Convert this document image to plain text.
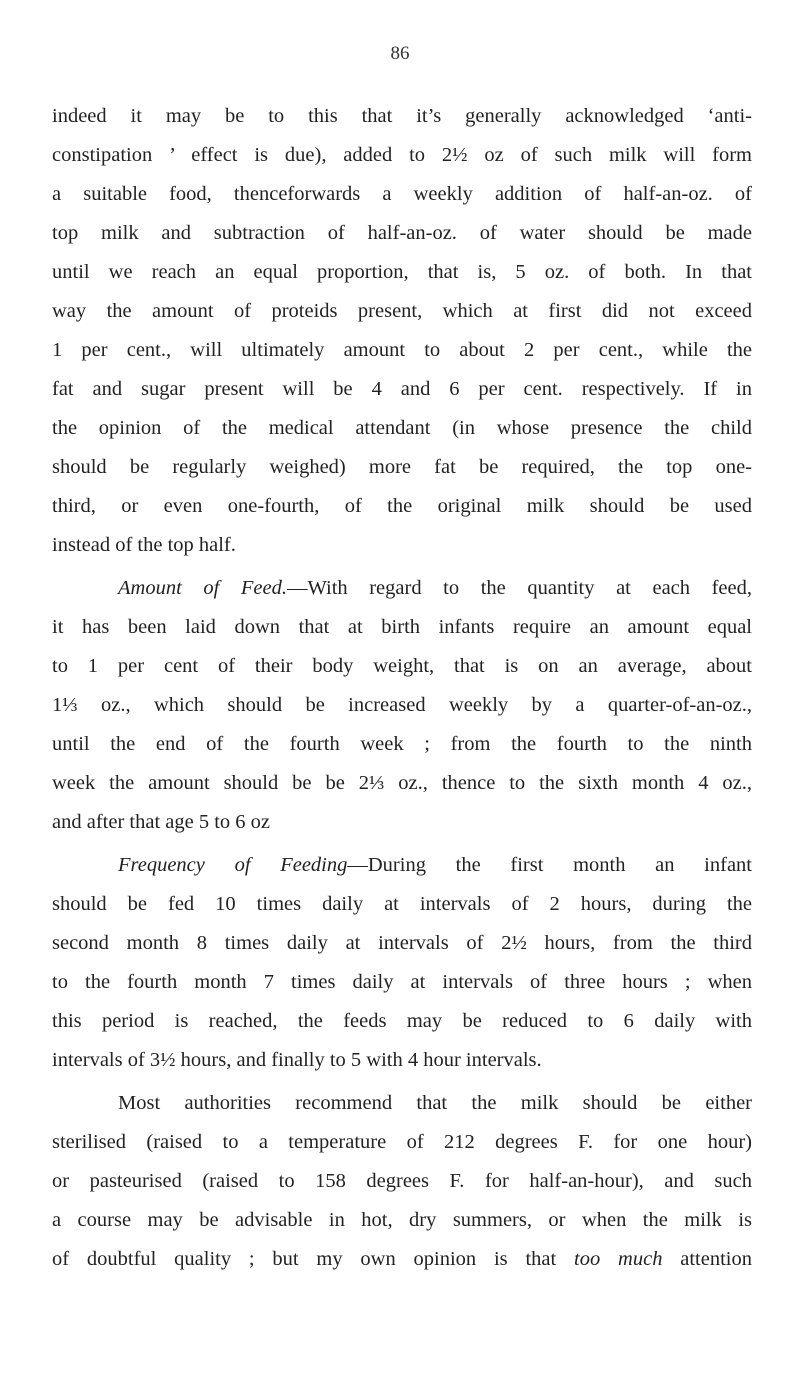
86
indeed it may be to this that it’s generally acknowledged ‘anti-
constipation ’ effect is due), added to 2½ oz of such milk will form
a suitable food, thenceforwards a weekly addition of half-an-oz. of
top milk and subtraction of half-an-oz. of water should be made
until we reach an equal proportion, that is, 5 oz. of both. In that
way the amount of proteids present, which at first did not exceed
1 per cent., will ultimately amount to about 2 per cent., while the
fat and sugar present will be 4 and 6 per cent. respectively. If in
the opinion of the medical attendant (in whose presence the child
should be regularly weighed) more fat be required, the top one-
third, or even one-fourth, of the original milk should be used
instead of the top half.
Amount of Feed.—With regard to the quantity at each feed,
it has been laid down that at birth infants require an amount equal
to 1 per cent of their body weight, that is on an average, about
1⅓ oz., which should be increased weekly by a quarter-of-an-oz.,
until the end of the fourth week ; from the fourth to the ninth
week the amount should be be 2⅓ oz., thence to the sixth month 4 oz.,
and after that age 5 to 6 oz
Frequency of Feeding—During the first month an infant
should be fed 10 times daily at intervals of 2 hours, during the
second month 8 times daily at intervals of 2½ hours, from the third
to the fourth month 7 times daily at intervals of three hours ; when
this period is reached, the feeds may be reduced to 6 daily with
intervals of 3½ hours, and finally to 5 with 4 hour intervals.
Most authorities recommend that the milk should be either
sterilised (raised to a temperature of 212 degrees F. for one hour)
or pasteurised (raised to 158 degrees F. for half-an-hour), and such
a course may be advisable in hot, dry summers, or when the milk is
of doubtful quality ; but my own opinion is that too much attention
